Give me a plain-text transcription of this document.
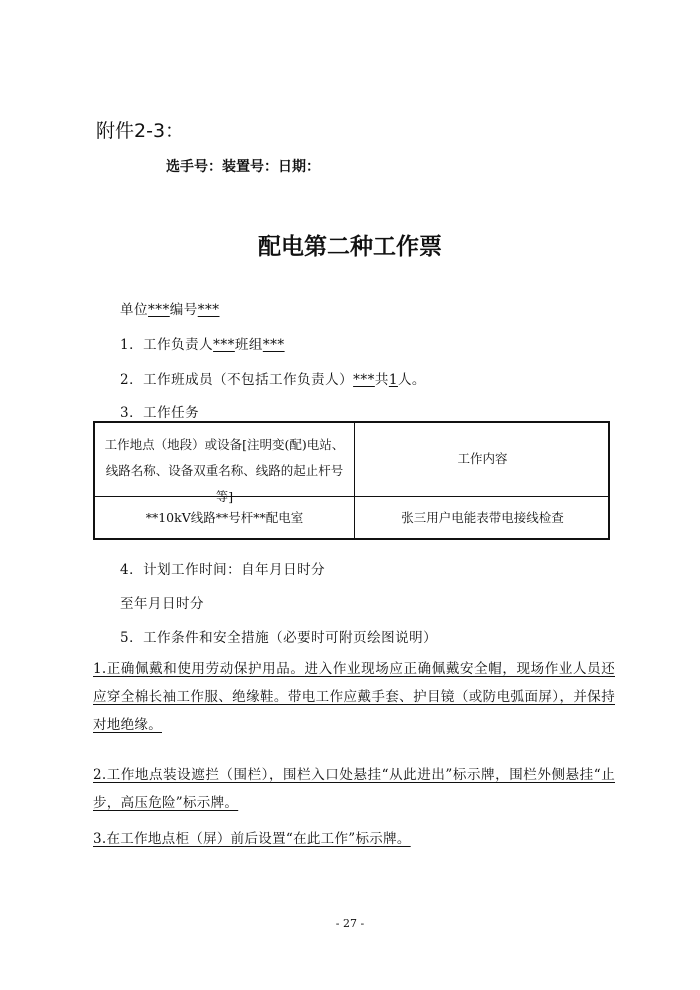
附件2-3：
选手号：装置号：日期：
配电第二种工作票
单位***编号***
1．工作负责人***班组***
2．工作班成员（不包括工作负责人）***共1人。
3．工作任务
工作地点（地段）或设备[注明变(配)电站、线路名称、设备双重名称、线路的起止杆号等]
工作内容
**10kV线路**号杆**配电室	张三用户电能表带电接线检查
4．计划工作时间：自年月日时分
至年月日时分
5．工作条件和安全措施（必要时可附页绘图说明）
1.正确佩戴和使用劳动保护用品。进入作业现场应正确佩戴安全帽，现场作业人员还应穿全棉长袖工作服、绝缘鞋。带电工作应戴手套、护目镜（或防电弧面屏），并保持对地绝缘。
2.工作地点装设遮拦（围栏），围栏入口处悬挂“从此进出”标示牌，围栏外侧悬挂“止步，高压危险”标示牌。
3.在工作地点柜（屏）前后设置“在此工作”标示牌。
- 27 -
